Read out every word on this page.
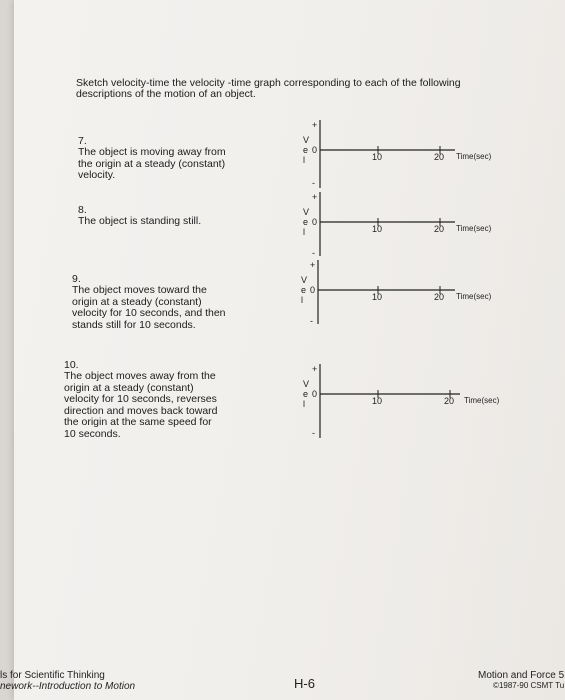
Sketch velocity-time the velocity -time graph corresponding to each of the following descriptions of the motion of an object.

7.
The object is moving away from
the origin at a steady (constant)
velocity.

+
V
e
l
0
-
10	20 Time(sec)

8.
The object is standing still.

+
V
e
l
0
-
10	20 Time(sec)

9.
The object moves toward the
origin at a steady (constant)
velocity for 10 seconds, and then
stands still for 10 seconds.

+
V
e
l
0
-
10	20 Time(sec)

10.
The object moves away from the
origin at a steady (constant)
velocity for 10 seconds, reverses
direction and moves back toward
the origin at the same speed for
10 seconds.

+
V
e
l
0
-
10	20 Time(sec)
ls for Scientific Thinking
nework--Introduction to Motion	H-6
Motion and Force 5
©1987-90 CSMT Tu
